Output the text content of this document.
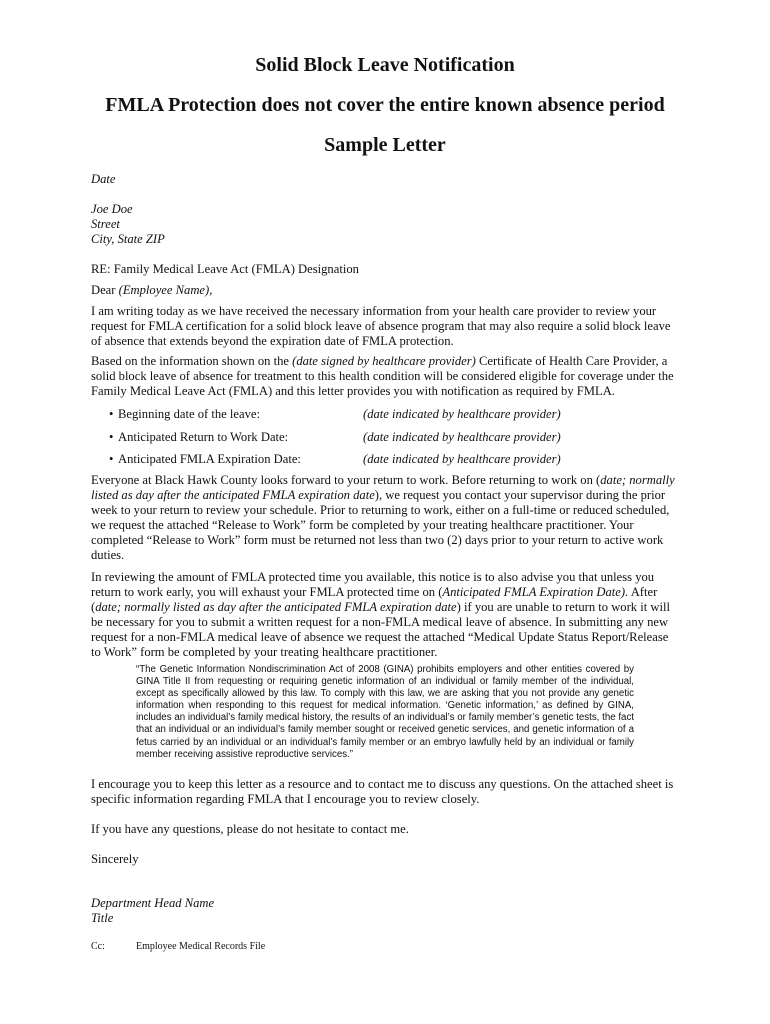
Solid Block Leave Notification
FMLA Protection does not cover the entire known absence period
Sample Letter
Date
Joe Doe
Street
City, State ZIP
RE: Family Medical Leave Act (FMLA) Designation
Dear (Employee Name),

I am writing today as we have received the necessary information from your health care provider to review your request for FMLA certification for a solid block leave of absence program that may also require a solid block leave of absence that extends beyond the expiration date of FMLA protection.

Based on the information shown on the (date signed by healthcare provider) Certificate of Health Care Provider, a solid block leave of absence for treatment to this health condition will be considered eligible for coverage under the Family Medical Leave Act (FMLA) and this letter provides you with notification as required by FMLA.

• Beginning date of the leave:	(date indicated by healthcare provider)
• Anticipated Return to Work Date:	(date indicated by healthcare provider)
• Anticipated FMLA Expiration Date:	(date indicated by healthcare provider)

Everyone at Black Hawk County looks forward to your return to work. Before returning to work on (date; normally listed as day after the anticipated FMLA expiration date), we request you contact your supervisor during the prior week to your return to review your schedule. Prior to returning to work, either on a full-time or reduced scheduled, we request the attached “Release to Work” form be completed by your treating healthcare practitioner. Your completed “Release to Work” form must be returned not less than two (2) days prior to your return to active work duties.

In reviewing the amount of FMLA protected time you available, this notice is to also advise you that unless you return to work early, you will exhaust your FMLA protected time on (Anticipated FMLA Expiration Date). After (date; normally listed as day after the anticipated FMLA expiration date) if you are unable to return to work it will be necessary for you to submit a written request for a non-FMLA medical leave of absence. In submitting any new request for a non-FMLA medical leave of absence we request the attached “Medical Update Status Report/Release to Work” form be completed by your treating healthcare practitioner.

“The Genetic Information Nondiscrimination Act of 2008 (GINA) prohibits employers and other entities covered by GINA Title II from requesting or requiring genetic information of an individual or family member of the individual, except as specifically allowed by this law. To comply with this law, we are asking that you not provide any genetic information when responding to this request for medical information. ‘Genetic information,’ as defined by GINA, includes an individual’s family medical history, the results of an individual’s or family member’s genetic tests, the fact that an individual or an individual’s family member sought or received genetic services, and genetic information of a fetus carried by an individual or an individual’s family member or an embryo lawfully held by an individual or family member receiving assistive reproductive services.”

I encourage you to keep this letter as a resource and to contact me to discuss any questions. On the attached sheet is specific information regarding FMLA that I encourage you to review closely.

If you have any questions, please do not hesitate to contact me.

Sincerely
Department Head Name
Title
Cc:	Employee Medical Records File
